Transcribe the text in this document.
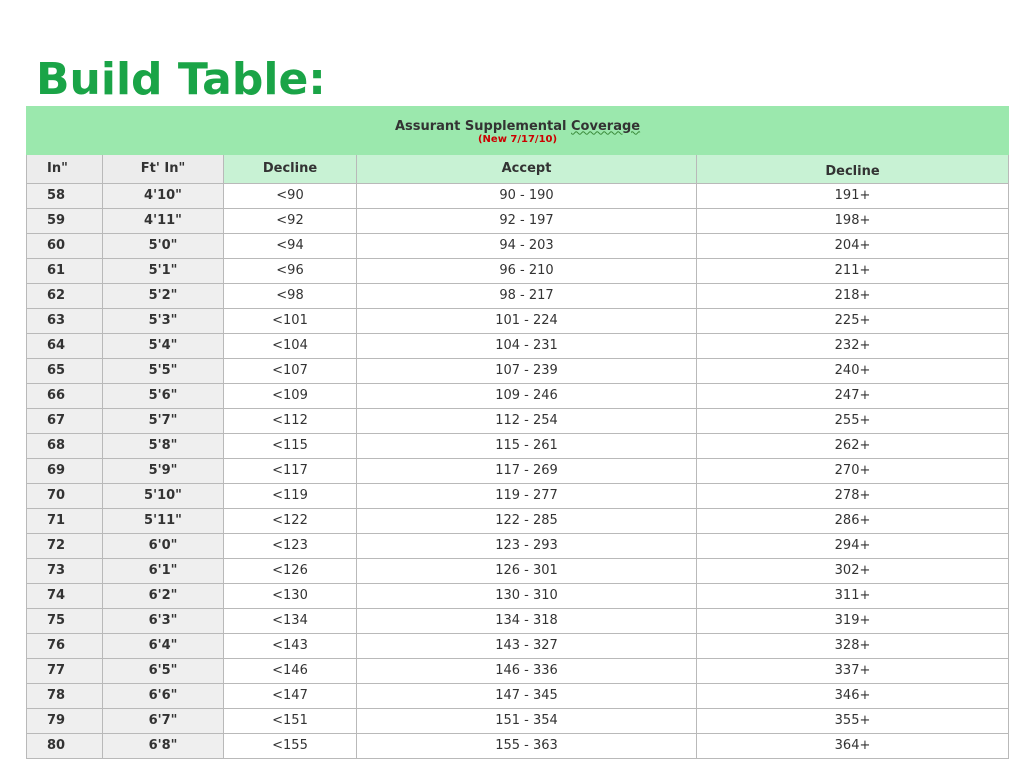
Build Table:
Assurant Supplemental Coverage
(New 7/17/10)				

In"	Ft' In"	Decline	Accept	Decline
58	4'10"	<90	90 - 190	191+
59	4'11"	<92	92 - 197	198+
60	5'0"	<94	94 - 203	204+
61	5'1"	<96	96 - 210	211+
62	5'2"	<98	98 - 217	218+
63	5'3"	<101	101 - 224	225+
64	5'4"	<104	104 - 231	232+
65	5'5"	<107	107 - 239	240+
66	5'6"	<109	109 - 246	247+
67	5'7"	<112	112 - 254	255+
68	5'8"	<115	115 - 261	262+
69	5'9"	<117	117 - 269	270+
70	5'10"	<119	119 - 277	278+
71	5'11"	<122	122 - 285	286+
72	6'0"	<123	123 - 293	294+
73	6'1"	<126	126 - 301	302+
74	6'2"	<130	130 - 310	311+
75	6'3"	<134	134 - 318	319+
76	6'4"	<143	143 - 327	328+
77	6'5"	<146	146 - 336	337+
78	6'6"	<147	147 - 345	346+
79	6'7"	<151	151 - 354	355+
80	6'8"	<155	155 - 363	364+
